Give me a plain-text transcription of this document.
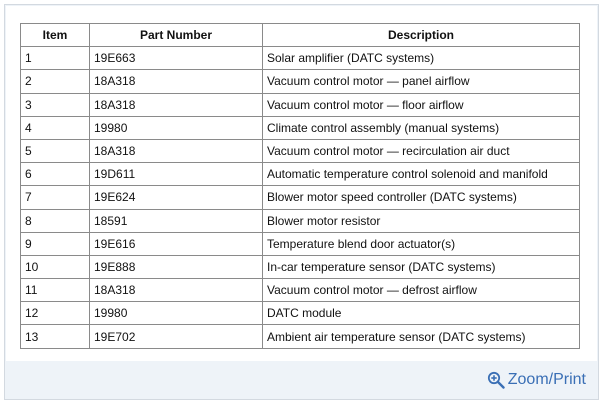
Item	Part Number	Description
1	19E663	Solar amplifier (DATC systems)
2	18A318	Vacuum control motor — panel airflow
3	18A318	Vacuum control motor — floor airflow
4	19980	Climate control assembly (manual systems)
5	18A318	Vacuum control motor — recirculation air duct
6	19D611	Automatic temperature control solenoid and manifold
7	19E624	Blower motor speed controller (DATC systems)
8	18591	Blower motor resistor
9	19E616	Temperature blend door actuator(s)
10	19E888	In-car temperature sensor (DATC systems)
11	18A318	Vacuum control motor — defrost airflow
12	19980	DATC module
13	19E702	Ambient air temperature sensor (DATC systems)
Zoom/Print
